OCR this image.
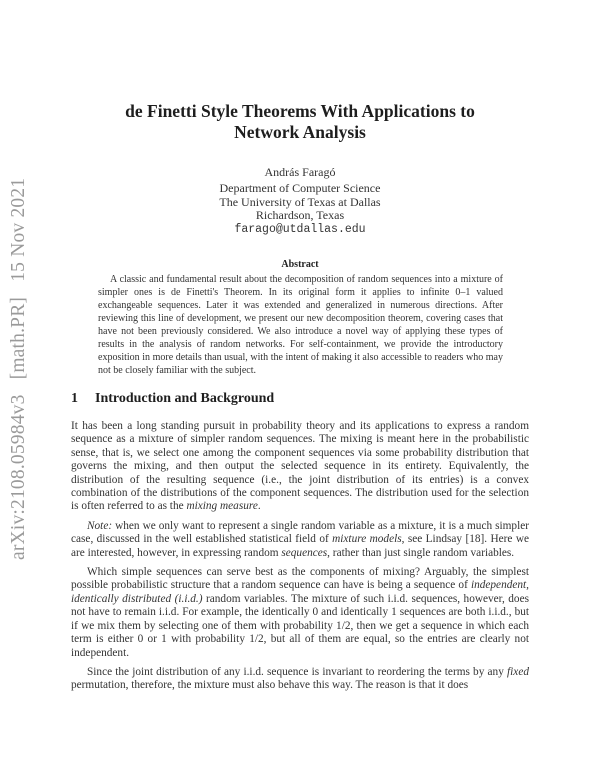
arXiv:2108.05984v3 [math.PR] 15 Nov 2021
de Finetti Style Theorems With Applications to
Network Analysis
András Faragó
Department of Computer Science
The University of Texas at Dallas
Richardson, Texas
farago@utdallas.edu
Abstract
A classic and fundamental result about the decomposition of random sequences into a mixture of simpler ones is de Finetti's Theorem. In its original form it applies to infinite 0–1 valued exchangeable sequences. Later it was extended and generalized in numerous directions. After reviewing this line of development, we present our new decomposition theorem, covering cases that have not been previously considered. We also introduce a novel way of applying these types of results in the analysis of random networks. For self-containment, we provide the introductory exposition in more details than usual, with the intent of making it also accessible to readers who may not be closely familiar with the subject.
1 Introduction and Background

It has been a long standing pursuit in probability theory and its applications to express a random sequence as a mixture of simpler random sequences. The mixing is meant here in the probabilistic sense, that is, we select one among the component sequences via some probability distribution that governs the mixing, and then output the selected sequence in its entirety. Equivalently, the distribution of the resulting sequence (i.e., the joint distribution of its entries) is a convex combination of the distributions of the component sequences. The distribution used for the selection is often referred to as the mixing measure.

Note: when we only want to represent a single random variable as a mixture, it is a much simpler case, discussed in the well established statistical field of mixture models, see Lindsay [18]. Here we are interested, however, in expressing random sequences, rather than just single random variables.

Which simple sequences can serve best as the components of mixing? Arguably, the simplest possible probabilistic structure that a random sequence can have is being a sequence of independent, identically distributed (i.i.d.) random variables. The mixture of such i.i.d. sequences, however, does not have to remain i.i.d. For example, the identically 0 and identically 1 sequences are both i.i.d., but if we mix them by selecting one of them with probability 1/2, then we get a sequence in which each term is either 0 or 1 with probability 1/2, but all of them are equal, so the entries are clearly not independent.

Since the joint distribution of any i.i.d. sequence is invariant to reordering the terms by any fixed permutation, therefore, the mixture must also behave this way. The reason is that it does
